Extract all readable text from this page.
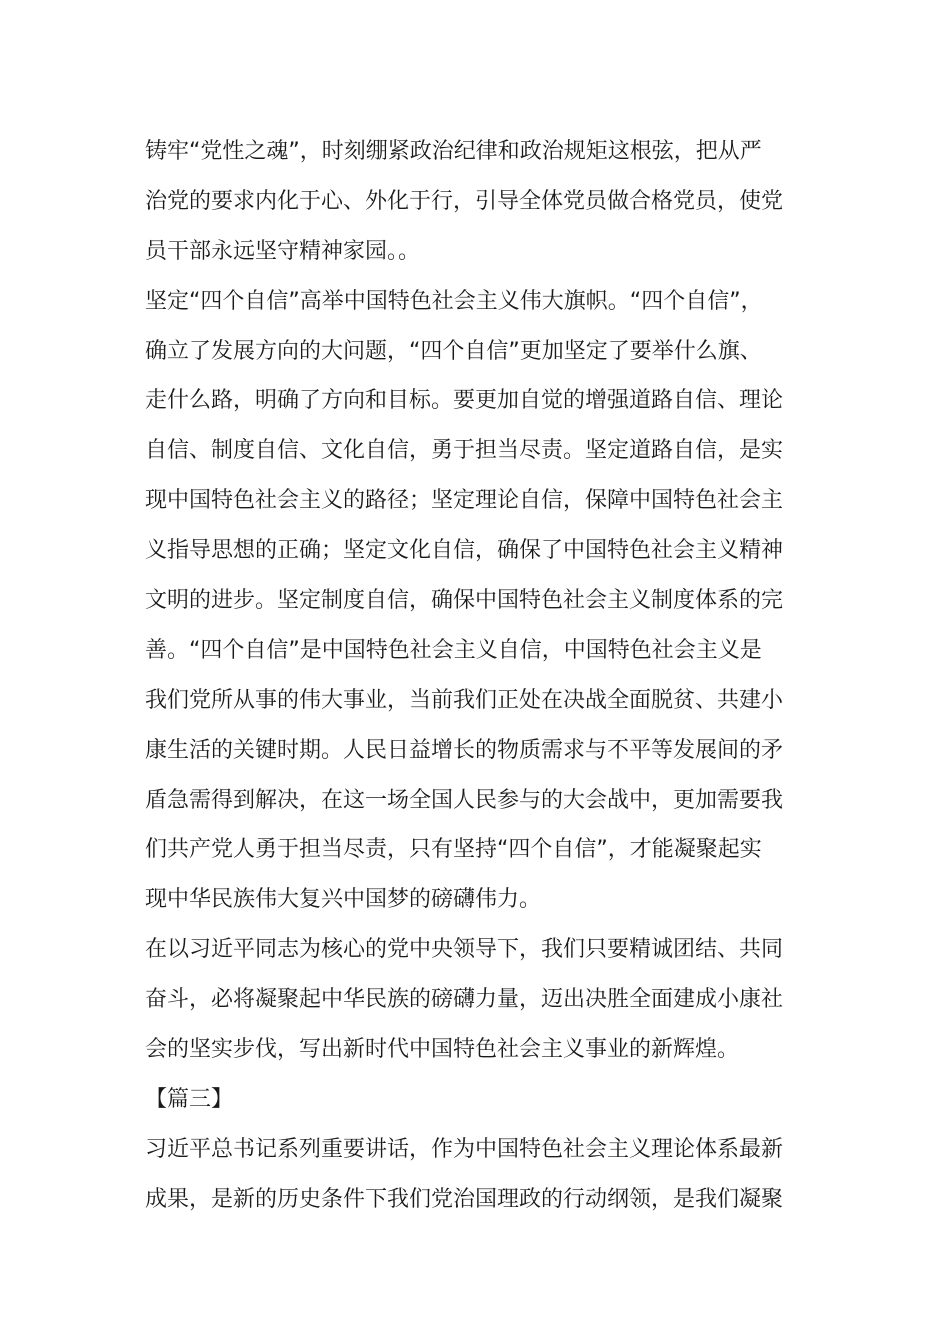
铸牢“党性之魂”，时刻绷紧政治纪律和政治规矩这根弦，把从严
治党的要求内化于心、外化于行，引导全体党员做合格党员，使党
员干部永远坚守精神家园。。
坚定“四个自信”高举中国特色社会主义伟大旗帜。“四个自信”，
确立了发展方向的大问题，“四个自信”更加坚定了要举什么旗、
走什么路，明确了方向和目标。要更加自觉的增强道路自信、理论
自信、制度自信、文化自信，勇于担当尽责。坚定道路自信，是实
现中国特色社会主义的路径；坚定理论自信，保障中国特色社会主
义指导思想的正确；坚定文化自信，确保了中国特色社会主义精神
文明的进步。坚定制度自信，确保中国特色社会主义制度体系的完
善。“四个自信”是中国特色社会主义自信，中国特色社会主义是
我们党所从事的伟大事业，当前我们正处在决战全面脱贫、共建小
康生活的关键时期。人民日益增长的物质需求与不平等发展间的矛
盾急需得到解决，在这一场全国人民参与的大会战中，更加需要我
们共产党人勇于担当尽责，只有坚持“四个自信”，才能凝聚起实
现中华民族伟大复兴中国梦的磅礴伟力。
在以习近平同志为核心的党中央领导下，我们只要精诚团结、共同
奋斗，必将凝聚起中华民族的磅礴力量，迈出决胜全面建成小康社
会的坚实步伐，写出新时代中国特色社会主义事业的新辉煌。
【篇三】
习近平总书记系列重要讲话，作为中国特色社会主义理论体系最新
成果，是新的历史条件下我们党治国理政的行动纲领，是我们凝聚
